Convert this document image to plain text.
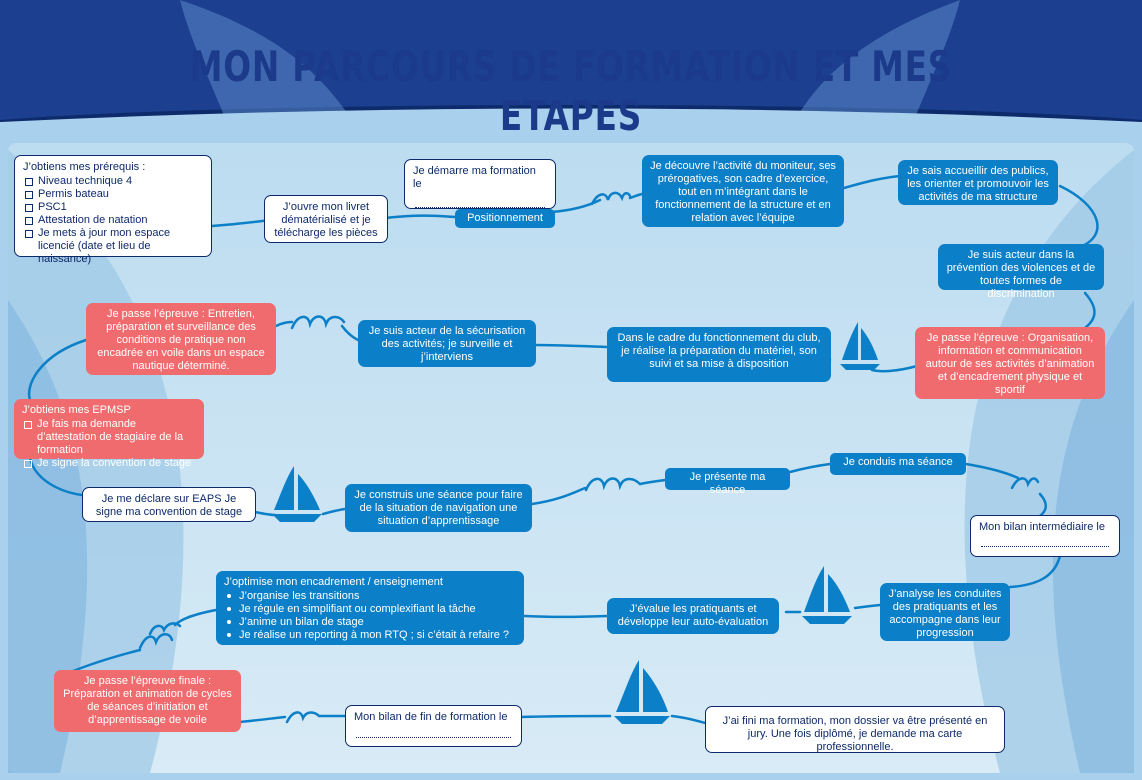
MON PARCOURS DE FORMATION ET MES ETAPES
J’obtiens mes prérequis :
Niveau technique 4
Permis bateau
PSC1
Attestation de natation
Je mets à jour mon espace licencié (date et lieu de naissance)
J’ouvre mon livret dématérialisé et je télécharge les pièces
Je démarre ma formation le
Positionnement
Je découvre l’activité du moniteur, ses prérogatives, son cadre d’exercice, tout en m’intégrant dans le fonctionnement de la structure et en relation avec l’équipe
Je sais accueillir des publics, les orienter et promouvoir les activités de ma structure
Je suis acteur dans la prévention des violences et de toutes formes de discrimination
Je passe l’épreuve : Organisation, information et communication autour de ses activités d’animation et d’encadrement physique et sportif
Dans le cadre du fonctionnement du club, je réalise la préparation du matériel, son suivi et sa mise à disposition
Je suis acteur de la sécurisation des activités; je surveille et j’interviens
Je passe l’épreuve : Entretien, préparation et surveillance des conditions de pratique non encadrée en voile dans un espace nautique déterminé.
J’obtiens mes EPMSP
Je fais ma demande d’attestation de stagiaire de la formation
Je signe la convention de stage
Je me déclare sur EAPS Je signe ma convention de stage
Je construis une séance pour faire de la situation de navigation une situation d’apprentissage
Je présente ma séance
Je conduis ma séance
Mon bilan intermédiaire le
J’analyse les conduites des pratiquants et les accompagne dans leur progression
J’évalue les pratiquants et développe leur auto-évaluation
J’optimise mon encadrement / enseignement
J’organise les transitions
Je régule en simplifiant ou complexifiant la tâche
J’anime un bilan de stage
Je réalise un reporting à mon RTQ ; si c’était à refaire ?
Je passe l’épreuve finale : Préparation et animation de cycles de séances d’initiation et d’apprentissage de voile	Mon bilan de fin de formation le	J’ai fini ma formation, mon dossier va être présenté en jury. Une fois diplômé, je demande ma carte professionnelle.
